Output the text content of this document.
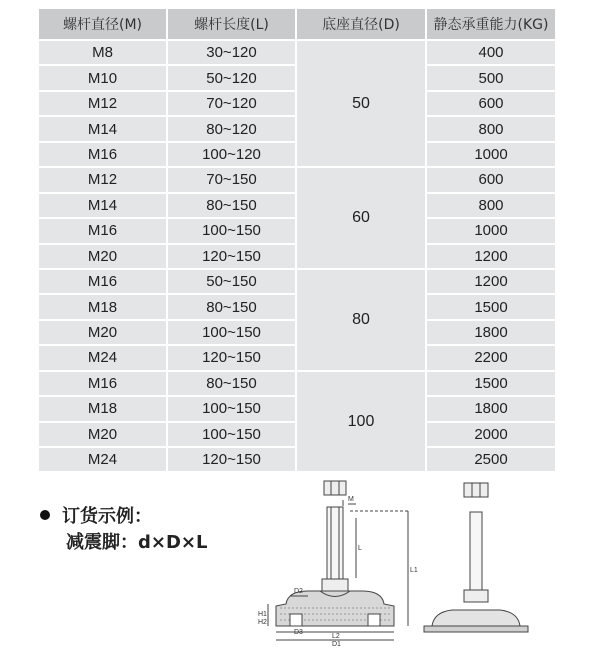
螺杆直径(M)	螺杆长度(L)	底座直径(D)	静态承重能力(KG)
M8	30~120	50	400
M10	50~120		500
M12	70~120		600
M14	80~120		800
M16	100~120		1000
M12	70~150	60	600
M14	80~150		800
M16	100~150		1000
M20	120~150		1200
M16	50~150	80	1200
M18	80~150		1500
M20	100~150		1800
M24	120~150		2200
M16	80~150	100	1500
M18	100~150		1800
M20	100~150		2000
M24	120~150		2500
订货示例：
减震脚：d×D×L
M
L
L1
H1
H2
D2
D3
L2
D1
